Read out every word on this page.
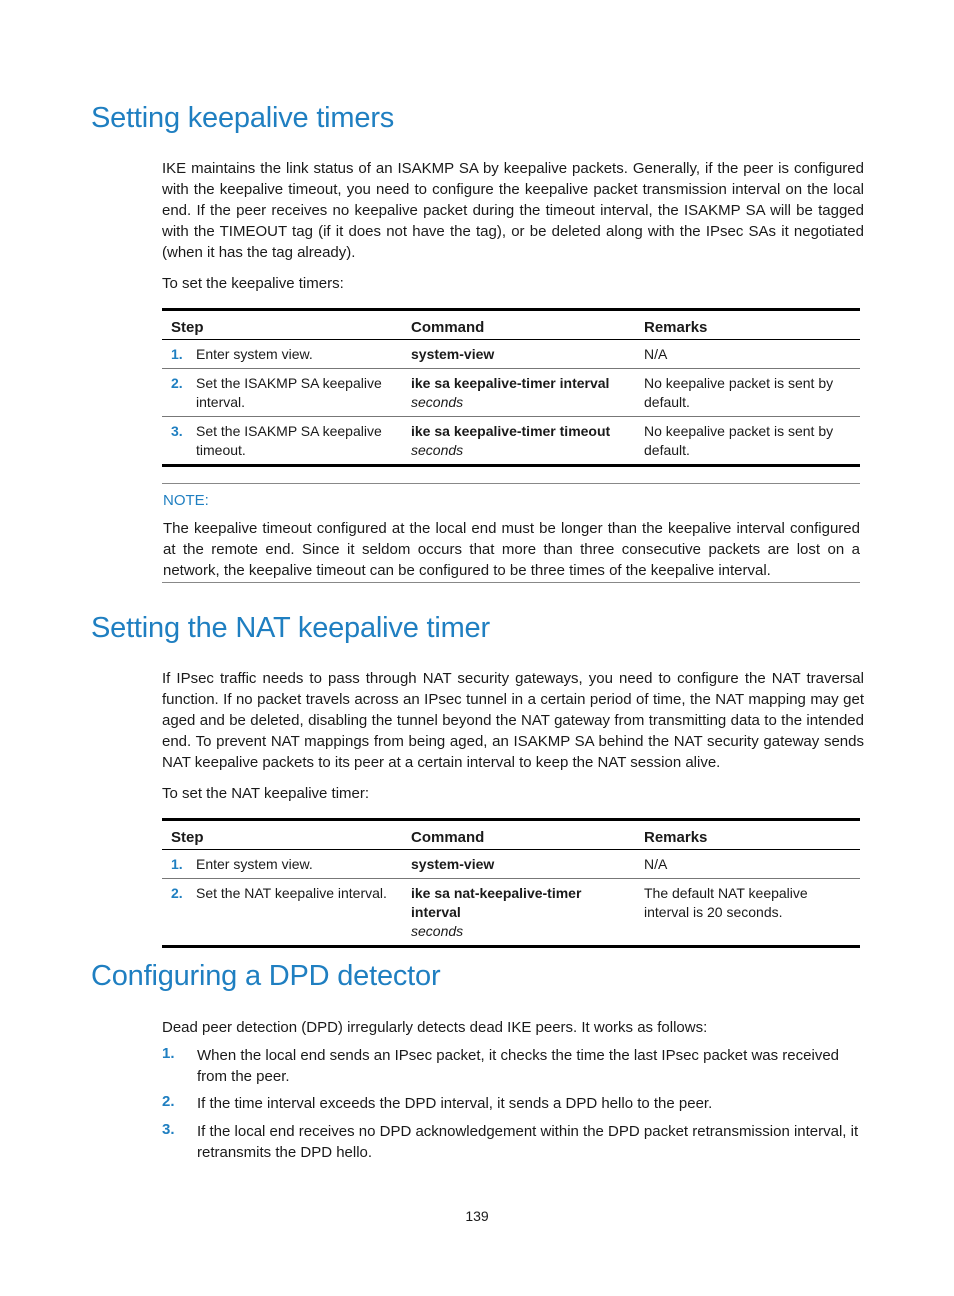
Setting keepalive timers

IKE maintains the link status of an ISAKMP SA by keepalive packets. Generally, if the peer is configured with the keepalive timeout, you need to configure the keepalive packet transmission interval on the local end. If the peer receives no keepalive packet during the timeout interval, the ISAKMP SA will be tagged with the TIMEOUT tag (if it does not have the tag), or be deleted along with the IPsec SAs it negotiated (when it has the tag already).

To set the keepalive timers:

Step		Command	Remarks
1.	Enter system view.	system-view	N/A
2.	Set the ISAKMP SA keepalive interval.	ike sa keepalive-timer interval
seconds	No keepalive packet is sent by default.
3.	Set the ISAKMP SA keepalive timeout.	ike sa keepalive-timer timeout
seconds	No keepalive packet is sent by default.
NOTE:

The keepalive timeout configured at the local end must be longer than the keepalive interval configured at the remote end. Since it seldom occurs that more than three consecutive packets are lost on a network, the keepalive timeout can be configured to be three times of the keepalive interval.

Setting the NAT keepalive timer

If IPsec traffic needs to pass through NAT security gateways, you need to configure the NAT traversal function. If no packet travels across an IPsec tunnel in a certain period of time, the NAT mapping may get aged and be deleted, disabling the tunnel beyond the NAT gateway from transmitting data to the intended end. To prevent NAT mappings from being aged, an ISAKMP SA behind the NAT security gateway sends NAT keepalive packets to its peer at a certain interval to keep the NAT session alive.

To set the NAT keepalive timer:

Step		Command	Remarks
1.	Enter system view.	system-view	N/A
2.	Set the NAT keepalive interval.	ike sa nat-keepalive-timer interval
seconds	The default NAT keepalive interval is 20 seconds.
Configuring a DPD detector

Dead peer detection (DPD) irregularly detects dead IKE peers. It works as follows:

1. When the local end sends an IPsec packet, it checks the time the last IPsec packet was received from the peer.

2. If the time interval exceeds the DPD interval, it sends a DPD hello to the peer.

3. If the local end receives no DPD acknowledgement within the DPD packet retransmission interval, it retransmits the DPD hello.

139
